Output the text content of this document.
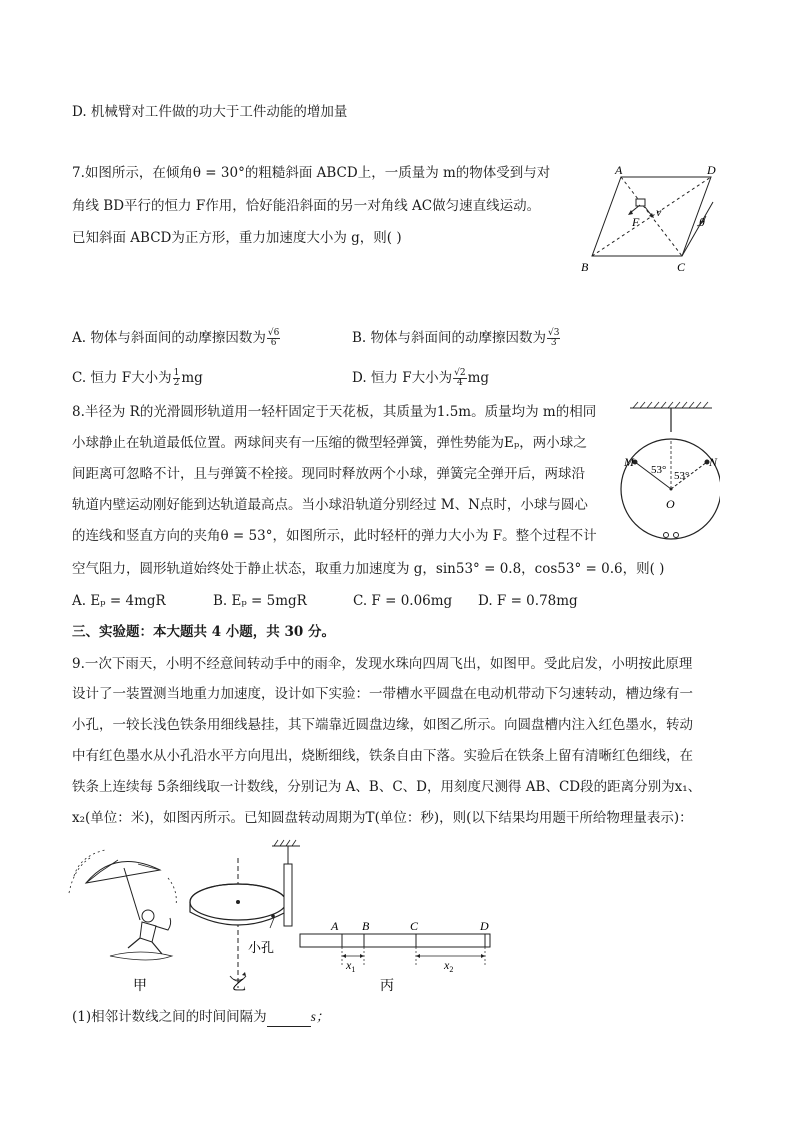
D. 机械臂对工件做的功大于工件动能的增加量
7.如图所示，在倾角θ = 30°的粗糙斜面 ABCD上，一质量为 m的物体受到与对
角线 BD平行的恒力 F作用，恰好能沿斜面的另一对角线 AC做匀速直线运动。
已知斜面 ABCD为正方形，重力加速度大小为 g，则( )
A	D
B	C
F
v
θ
A. 物体与斜面间的动摩擦因数为 $\frac{√6}{6}$	B. 物体与斜面间的动摩擦因数为 $\frac{√3}{3}$
C. 恒力 F大小为 $\frac{1}{2}$ mg	D. 恒力 F大小为 $\frac{√2}{4}$ mg
8.半径为 R的光滑圆形轨道用一轻杆固定于天花板，其质量为1.5m。质量均为 m的相同
小球静止在轨道最低位置。两球间夹有一压缩的微型轻弹簧，弹性势能为Eₚ，两小球之
间距离可忽略不计，且与弹簧不栓接。现同时释放两个小球，弹簧完全弹开后，两球沿
轨道内壁运动刚好能到达轨道最高点。当小球沿轨道分别经过 M、N点时，小球与圆心
的连线和竖直方向的夹角θ = 53°，如图所示，此时轻杆的弹力大小为 F。整个过程不计
空气阻力，圆形轨道始终处于静止状态，取重力加速度为 g，sin53° = 0.8，cos53° = 0.6，则( )
M	N
O
53° 53°
A. Eₚ = 4mgR	B. Eₚ = 5mgR	C. F = 0.06mg D. F = 0.78mg
三、实验题：本大题共 4 小题，共 30 分。
9.一次下雨天，小明不经意间转动手中的雨伞，发现水珠向四周飞出，如图甲。受此启发，小明按此原理
设计了一装置测当地重力加速度，设计如下实验：一带槽水平圆盘在电动机带动下匀速转动，槽边缘有一
小孔，一较长浅色铁条用细线悬挂，其下端靠近圆盘边缘，如图乙所示。向圆盘槽内注入红色墨水，转动
中有红色墨水从小孔沿水平方向甩出，烧断细线，铁条自由下落。实验后在铁条上留有清晰红色细线，在
铁条上连续每 5条细线取一计数线，分别记为 A、B、C、D，用刻度尺测得 AB、CD段的距离分别为x₁、
x₂(单位：米)，如图丙所示。已知圆盘转动周期为T(单位：秒)，则(以下结果均用题干所给物理量表示)：
小孔
A B	C	D
$x_1$	$x_2$
甲	乙	丙
(1)相邻计数线之间的时间间隔为	s；
